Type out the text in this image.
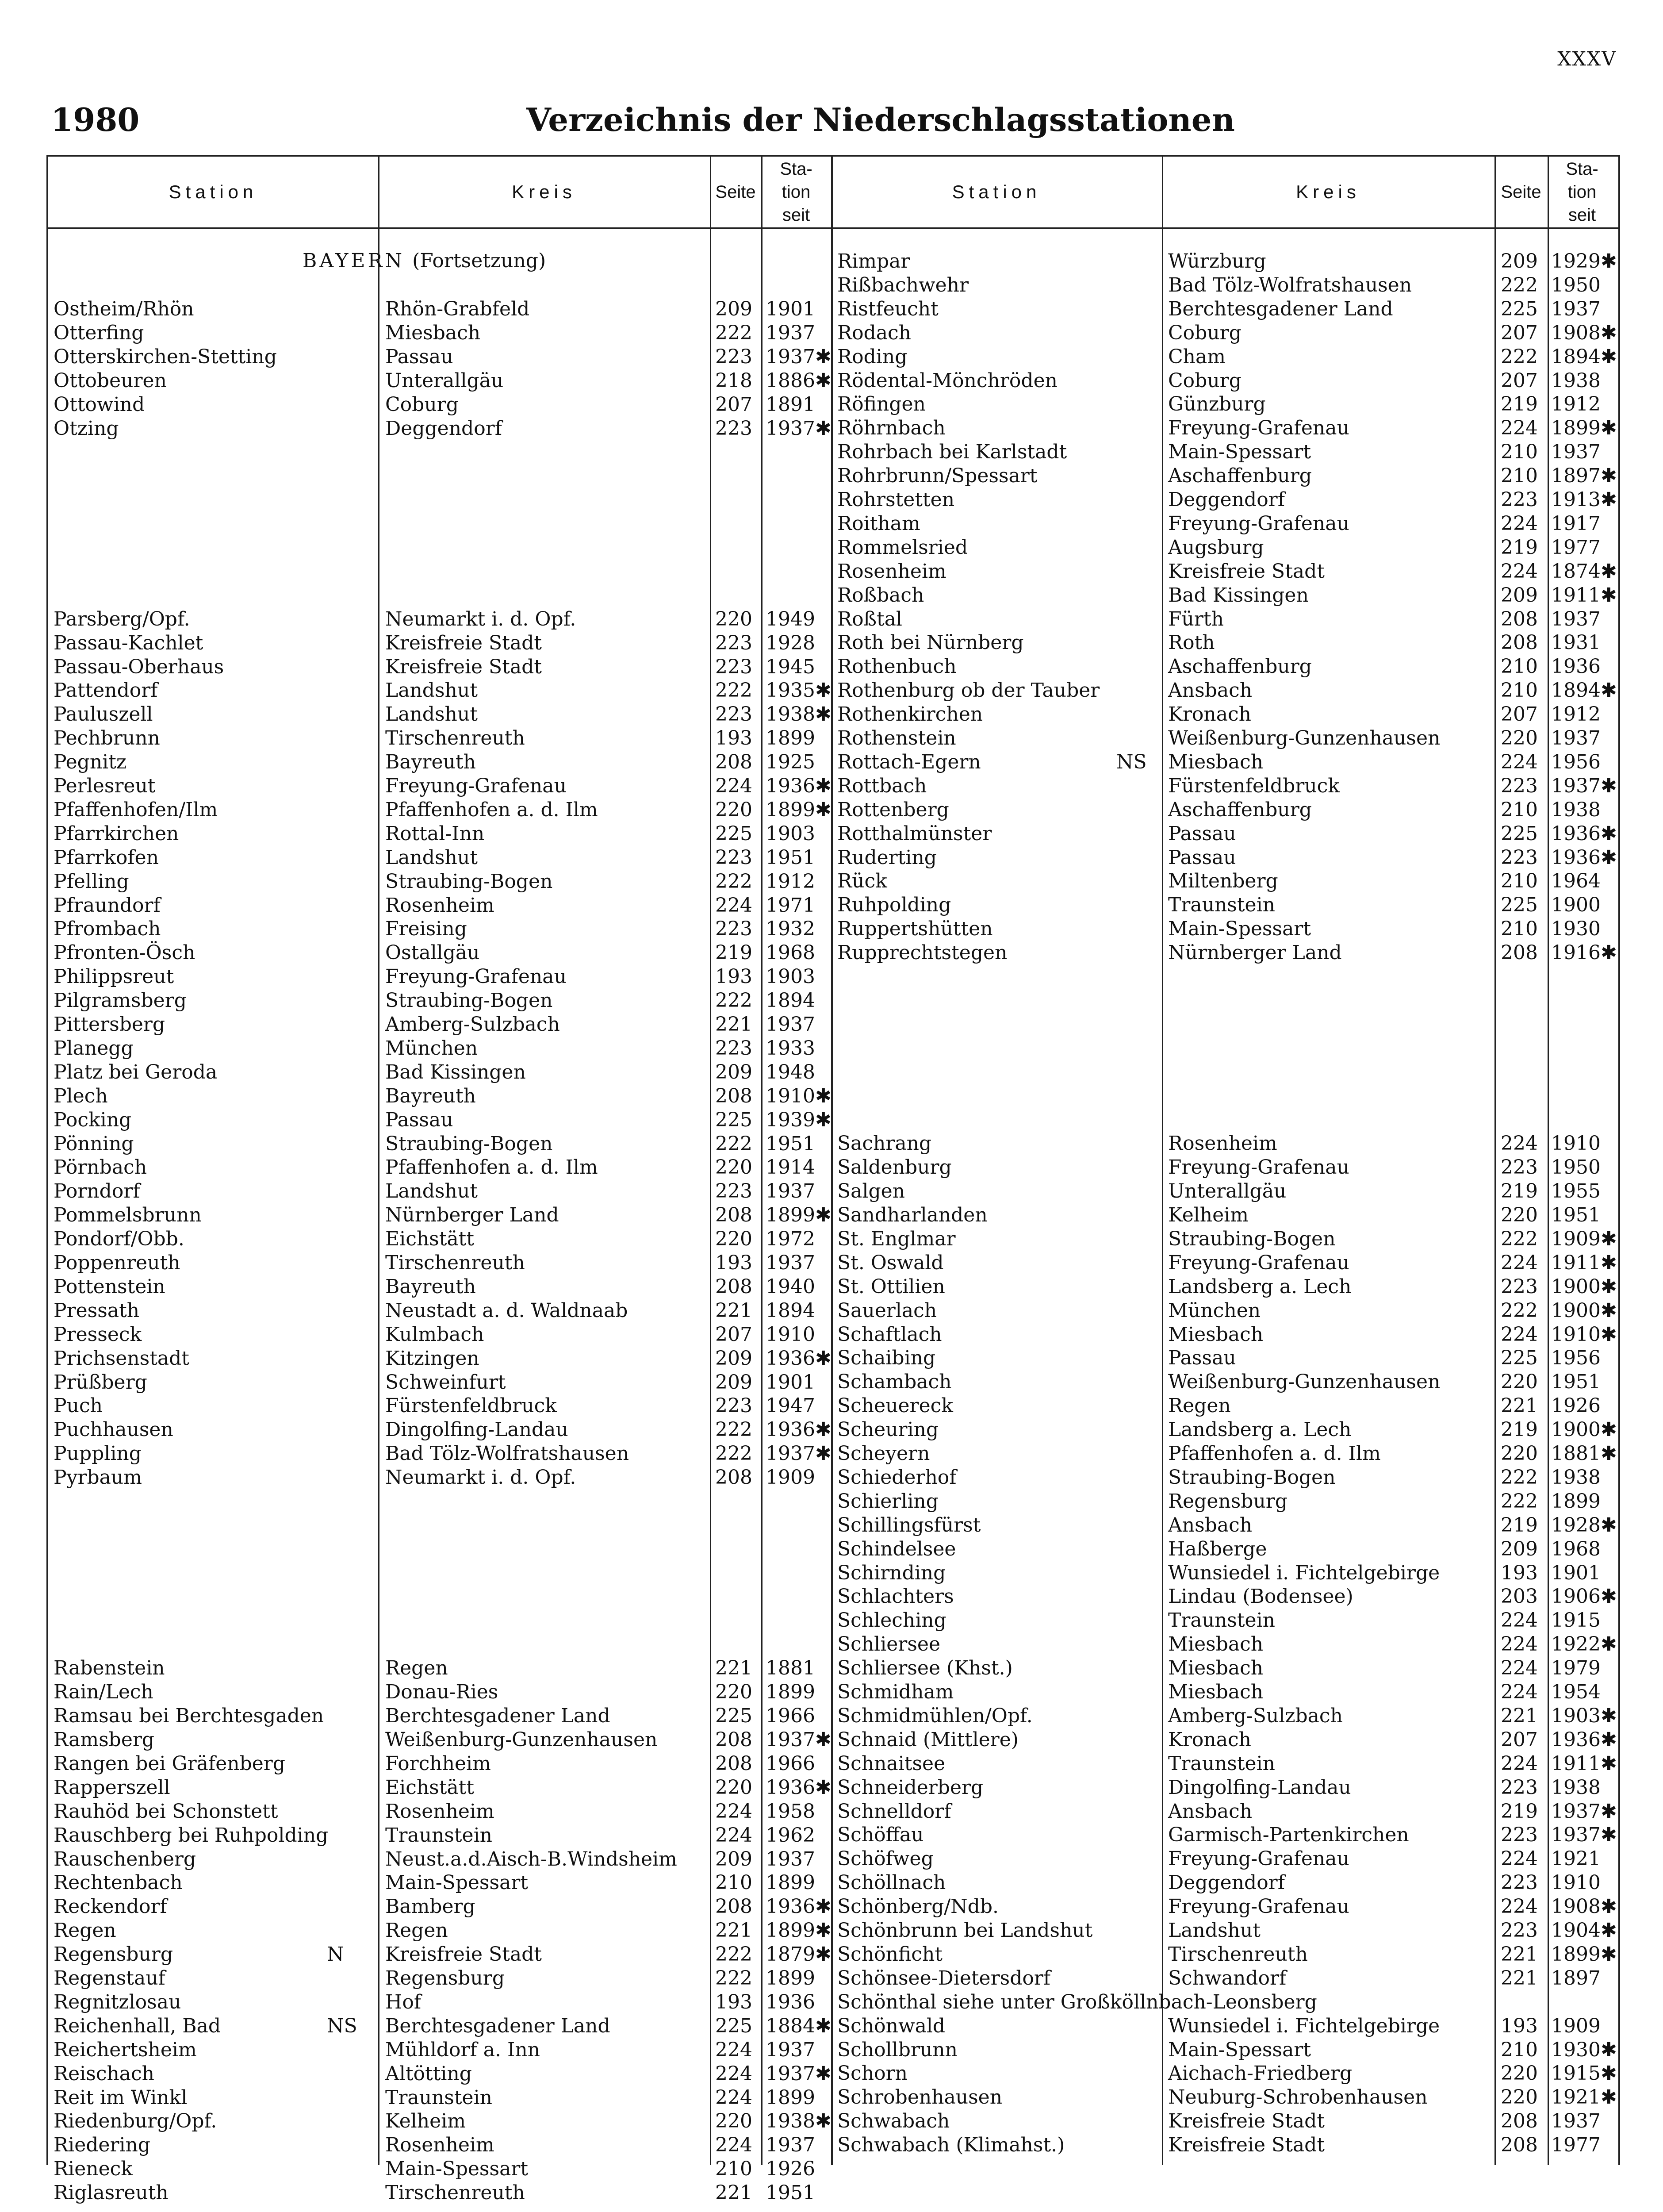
XXXV
1980	Verzeichnis der Niederschlagsstationen
Station	Kreis	Seite
Sta-
tion
seit
Station	Kreis	Seite
Sta-
tion
seit
BAYERN (Fortsetzung)
Ostheim/Rhön	Rhön-Grabfeld	209 1901
Otterfing	Miesbach	222 1937
Otterskirchen-Stetting	Passau	223 1937✱
Ottobeuren	Unterallgäu	218 1886✱
Ottowind	Coburg	207 1891
Otzing	Deggendorf	223 1937✱
Parsberg/Opf.	Neumarkt i. d. Opf.	220 1949
Passau-Kachlet	Kreisfreie Stadt	223 1928
Passau-Oberhaus	Kreisfreie Stadt	223 1945
Pattendorf	Landshut	222 1935✱
Pauluszell	Landshut	223 1938✱
Pechbrunn	Tirschenreuth	193 1899
Pegnitz	Bayreuth	208 1925
Perlesreut	Freyung-Grafenau	224 1936✱
Pfaffenhofen/Ilm	Pfaffenhofen a. d. Ilm	220 1899✱
Pfarrkirchen	Rottal-Inn	225 1903
Pfarrkofen	Landshut	223 1951
Pfelling	Straubing-Bogen	222 1912
Pfraundorf	Rosenheim	224 1971
Pfrombach	Freising	223 1932
Pfronten-Ösch	Ostallgäu	219 1968
Philippsreut	Freyung-Grafenau	193 1903
Pilgramsberg	Straubing-Bogen	222 1894
Pittersberg	Amberg-Sulzbach	221 1937
Planegg	München	223 1933
Platz bei Geroda	Bad Kissingen	209 1948
Plech	Bayreuth	208 1910✱
Pocking	Passau	225 1939✱
Pönning	Straubing-Bogen	222 1951
Pörnbach	Pfaffenhofen a. d. Ilm	220 1914
Porndorf	Landshut	223 1937
Pommelsbrunn	Nürnberger Land	208 1899✱
Pondorf/Obb.	Eichstätt	220 1972
Poppenreuth	Tirschenreuth	193 1937
Pottenstein	Bayreuth	208 1940
Pressath	Neustadt a. d. Waldnaab	221 1894
Presseck	Kulmbach	207 1910
Prichsenstadt	Kitzingen	209 1936✱
Prüßberg	Schweinfurt	209 1901
Puch	Fürstenfeldbruck	223 1947
Puchhausen	Dingolfing-Landau	222 1936✱
Puppling	Bad Tölz-Wolfratshausen	222 1937✱
Pyrbaum	Neumarkt i. d. Opf.	208 1909
Rabenstein	Regen	221 1881
Rain/Lech	Donau-Ries	220 1899
Ramsau bei Berchtesgaden	Berchtesgadener Land	225 1966
Ramsberg	Weißenburg-Gunzenhausen	208 1937✱
Rangen bei Gräfenberg	Forchheim	208 1966
Rapperszell	Eichstätt	220 1936✱
Rauhöd bei Schonstett	Rosenheim	224 1958
Rauschberg bei Ruhpolding	Traunstein	224 1962
Rauschenberg	Neust.a.d.Aisch-B.Windsheim 209 1937
Rechtenbach	Main-Spessart	210 1899
Reckendorf	Bamberg	208 1936✱
Regen	Regen	221 1899✱
Regensburg	N Kreisfreie Stadt	222 1879✱
Regenstauf	Regensburg	222 1899
Regnitzlosau	Hof	193 1936
Reichenhall, Bad	NS Berchtesgadener Land	225 1884✱
Reichertsheim	Mühldorf a. Inn	224 1937
Reischach	Altötting	224 1937✱
Reit im Winkl	Traunstein	224 1899
Riedenburg/Opf.	Kelheim	220 1938✱
Riedering	Rosenheim	224 1937
Rieneck	Main-Spessart	210 1926
Riglasreuth	Tirschenreuth	221 1951
Rimpar	Würzburg	209 1929✱
Rißbachwehr	Bad Tölz-Wolfratshausen	222 1950
Ristfeucht	Berchtesgadener Land	225 1937
Rodach	Coburg	207 1908✱
Roding	Cham	222 1894✱
Rödental-Mönchröden	Coburg	207 1938
Röfingen	Günzburg	219 1912
Röhrnbach	Freyung-Grafenau	224 1899✱
Rohrbach bei Karlstadt	Main-Spessart	210 1937
Rohrbrunn/Spessart	Aschaffenburg	210 1897✱
Rohrstetten	Deggendorf	223 1913✱
Roitham	Freyung-Grafenau	224 1917
Rommelsried	Augsburg	219 1977
Rosenheim	Kreisfreie Stadt	224 1874✱
Roßbach	Bad Kissingen	209 1911✱
Roßtal	Fürth	208 1937
Roth bei Nürnberg	Roth	208 1931
Rothenbuch	Aschaffenburg	210 1936
Rothenburg ob der Tauber	Ansbach	210 1894✱
Rothenkirchen	Kronach	207 1912
Rothenstein	Weißenburg-Gunzenhausen	220 1937
Rottach-Egern	NS Miesbach	224 1956
Rottbach	Fürstenfeldbruck	223 1937✱
Rottenberg	Aschaffenburg	210 1938
Rotthalmünster	Passau	225 1936✱
Ruderting	Passau	223 1936✱
Rück	Miltenberg	210 1964
Ruhpolding	Traunstein	225 1900
Ruppertshütten	Main-Spessart	210 1930
Rupprechtstegen	Nürnberger Land	208 1916✱
Sachrang	Rosenheim	224 1910
Saldenburg	Freyung-Grafenau	223 1950
Salgen	Unterallgäu	219 1955
Sandharlanden	Kelheim	220 1951
St. Englmar	Straubing-Bogen	222 1909✱
St. Oswald	Freyung-Grafenau	224 1911✱
St. Ottilien	Landsberg a. Lech	223 1900✱
Sauerlach	München	222 1900✱
Schaftlach	Miesbach	224 1910✱
Schaibing	Passau	225 1956
Schambach	Weißenburg-Gunzenhausen	220 1951
Scheuereck	Regen	221 1926
Scheuring	Landsberg a. Lech	219 1900✱
Scheyern	Pfaffenhofen a. d. Ilm	220 1881✱
Schiederhof	Straubing-Bogen	222 1938
Schierling	Regensburg	222 1899
Schillingsfürst	Ansbach	219 1928✱
Schindelsee	Haßberge	209 1968
Schirnding	Wunsiedel i. Fichtelgebirge	193 1901
Schlachters	Lindau (Bodensee)	203 1906✱
Schleching	Traunstein	224 1915
Schliersee	Miesbach	224 1922✱
Schliersee (Khst.)	Miesbach	224 1979
Schmidham	Miesbach	224 1954
Schmidmühlen/Opf.	Amberg-Sulzbach	221 1903✱
Schnaid (Mittlere)	Kronach	207 1936✱
Schnaitsee	Traunstein	224 1911✱
Schneiderberg	Dingolfing-Landau	223 1938
Schnelldorf	Ansbach	219 1937✱
Schöffau	Garmisch-Partenkirchen	223 1937✱
Schöfweg	Freyung-Grafenau	224 1921
Schöllnach	Deggendorf	223 1910
Schönberg/Ndb.	Freyung-Grafenau	224 1908✱
Schönbrunn bei Landshut	Landshut	223 1904✱
Schönficht	Tirschenreuth	221 1899✱
Schönsee-Dietersdorf	Schwandorf	221 1897
Schönthal siehe unter Großköllnbach-Leonsberg
Schönwald	Wunsiedel i. Fichtelgebirge	193 1909
Schollbrunn	Main-Spessart	210 1930✱
Schorn	Aichach-Friedberg	220 1915✱
Schrobenhausen	Neuburg-Schrobenhausen	220 1921✱
Schwabach	Kreisfreie Stadt	208 1937
Schwabach (Klimahst.)	Kreisfreie Stadt	208 1977
